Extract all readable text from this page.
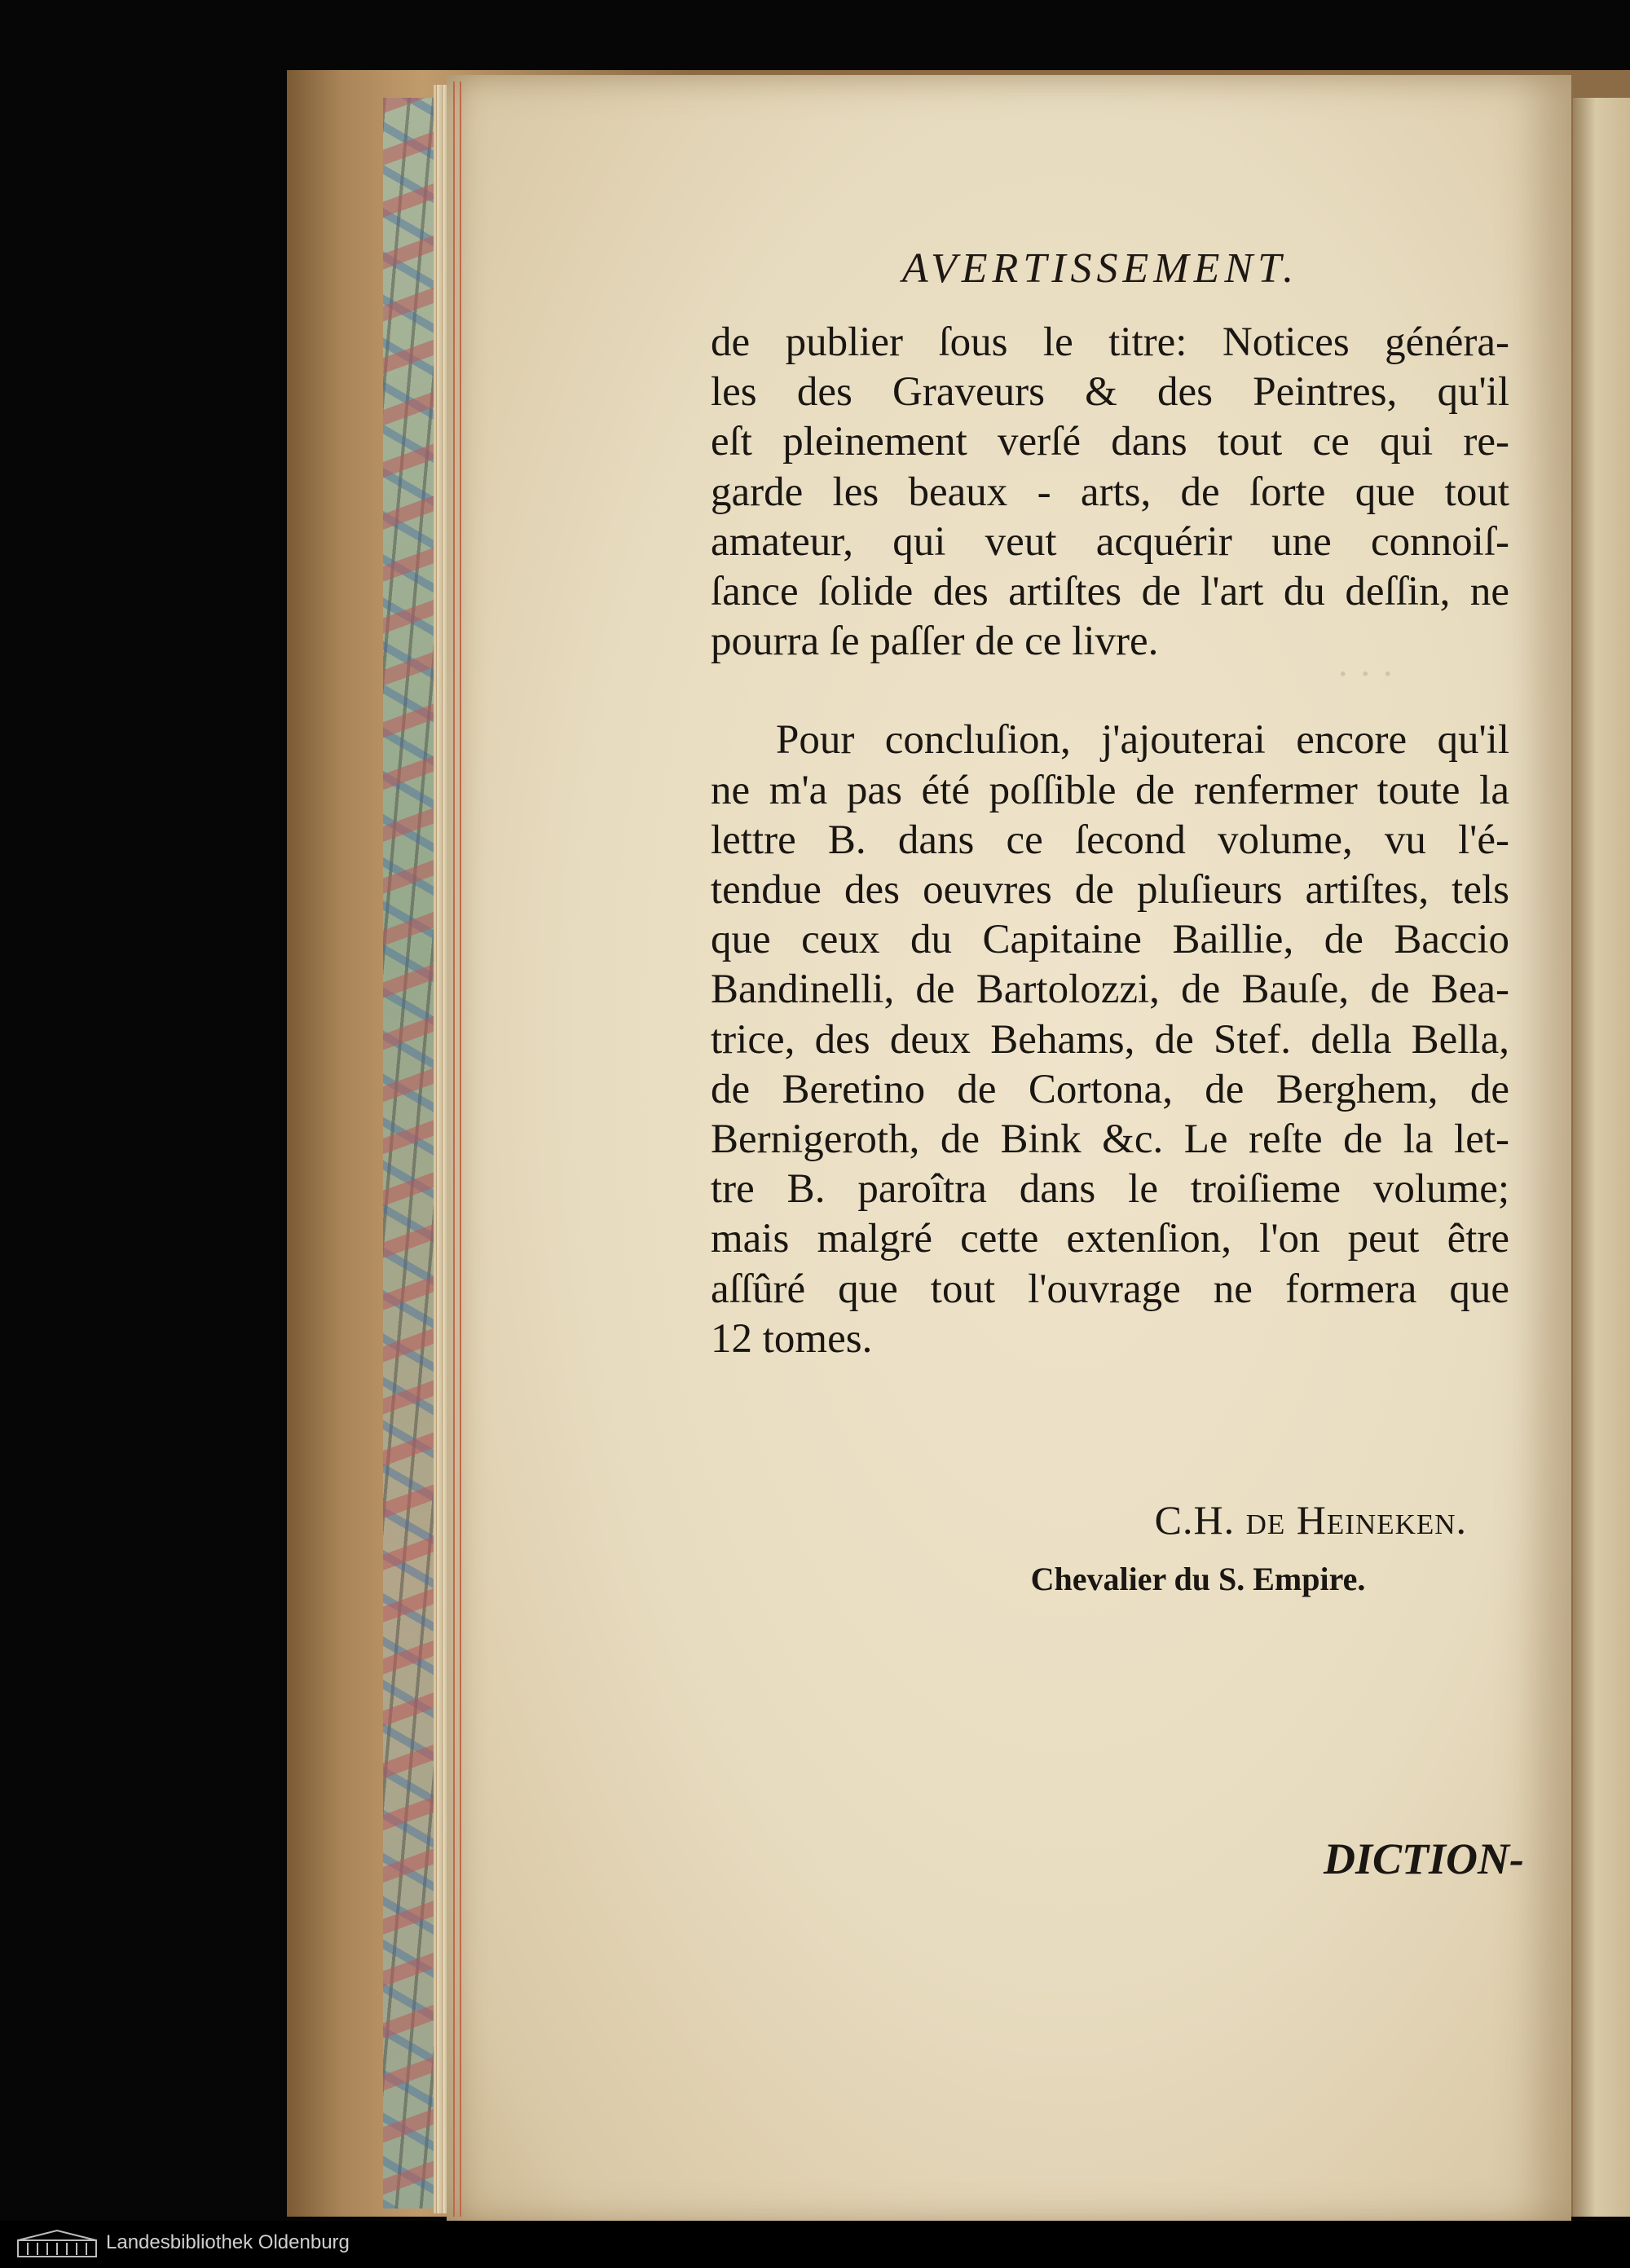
· · ·
AVERTISSEMENT.

de publier ſous le titre: Notices généra-
les des Graveurs & des Peintres, qu'il
eſt pleinement verſé dans tout ce qui re-
garde les beaux - arts, de ſorte que tout
amateur, qui veut acquérir une connoiſ-
ſance ſolide des artiſtes de l'art du deſſin, ne
pourra ſe paſſer de ce livre.

Pour concluſion, j'ajouterai encore qu'il
ne m'a pas été poſſible de renfermer toute la
lettre B. dans ce ſecond volume, vu l'é-
tendue des oeuvres de pluſieurs artiſtes, tels
que ceux du Capitaine Baillie, de Baccio
Bandinelli, de Bartolozzi, de Bauſe, de Bea-
trice, des deux Behams, de Stef. della Bella,
de Beretino de Cortona, de Berghem, de
Bernigeroth, de Bink &c. Le reſte de la let-
tre B. paroîtra dans le troiſieme volume;
mais malgré cette extenſion, l'on peut être
aſſûré que tout l'ouvrage ne formera que
12 tomes.

C.H. de Heineken.
Chevalier du S. Empire.
DICTION-
Landesbibliothek Oldenburg
